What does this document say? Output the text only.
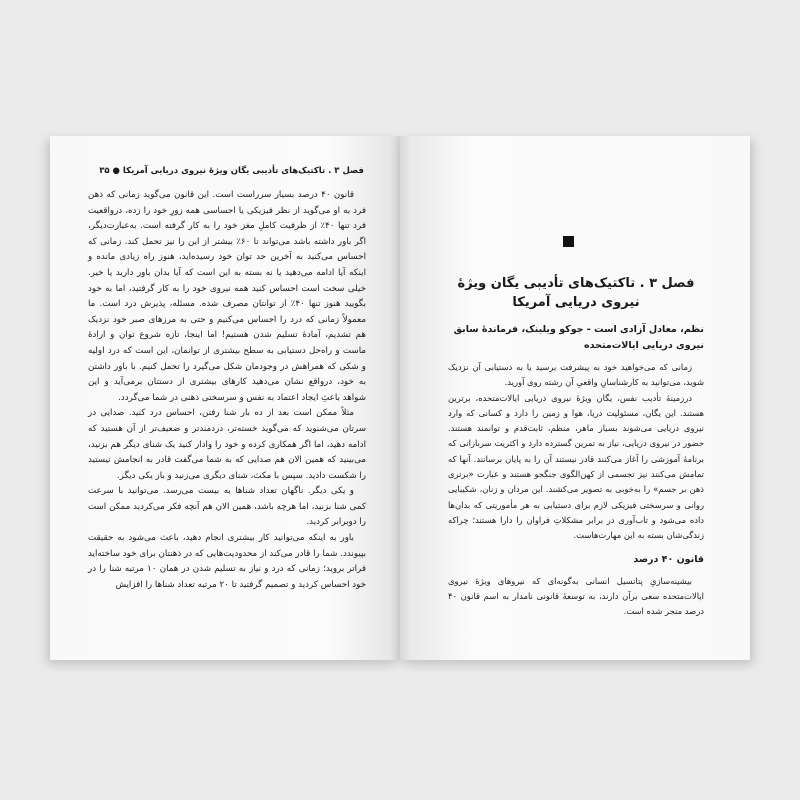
فصل ۳ . تاکتیک‌های تأدیبی یگان ویژهٔ نیروی دریایی آمریکا ● ۳۵

قانون ۴۰ درصد بسیار سرراست است. این قانون می‌گوید زمانی که ذهن فرد به او می‌گوید از نظر فیزیکی یا احساسی همه زورِ خود را زده، درواقعیت فرد تنها ۴۰٪ از ظرفیت کاملِ مغز خود را به کار گرفته است. به‌عبارت‌دیگر، اگر باور داشته باشد می‌تواند تا ۶۰٪ بیشتر از این را نیز تحمل کند. زمانی که احساس می‌کنید به آخرین حد توان خود رسیده‌اید، هنوز راه زیادی مانده و اینکه آیا ادامه می‌دهید یا نه بسته به این است که آیا بدان باور دارید یا خیر. خیلی سخت است احساس کنید همه نیروی خود را به کار گرفتید، اما به خود بگویید هنوز تنها ۴۰٪ از توانتان مصرف شده. مسئله، پذیرش درد است. ما معمولاً زمانی که درد را احساس می‌کنیم و حتی به مرزهای صبر خود نزدیک هم تشدیم، آمادهٔ تسلیم شدن هستیم! اما اینجا، تازه شروع توان و ارادهٔ ماست و راه‌حل دستیابی به سطح بیشتری از توانمان، این است که درد اولیه و شکی که همراهش در وجودمان شکل می‌گیرد را تحمل کنیم. با باور داشتن به خود، درواقع نشان می‌دهید کارهای بیشتری از دستتان برمی‌آید و این شواهد باعثِ ایجاد اعتماد به نفس و سرسختی ذهنی در شما می‌گردد.

مثلاً ممکن است بعد از ده بار شنا رفتن، احساس درد کنید. صدایی در سرتان می‌شنوید که می‌گوید خسته‌تر، دردمندتر و ضعیف‌تر از آن هستید که ادامه دهید، اما اگر همکاری کرده و خود را وادار کنید یک شنای دیگر هم بزنید، می‌بینید که همین الان هم صدایی که به شما می‌گفت قادر به انجامش نیستید را شکست دادید. سپس با مکث، شنای دیگری می‌زنید و باز یکی دیگر.

و یکی دیگر. ناگهان تعداد شناها به بیست می‌رسد. می‌توانید با سرعت کمی شنا بزنید، اما هرچه باشد، همین الان هم آنچه فکر می‌کردید ممکن است را دوبرابر کردید.

باور به اینکه می‌توانید کار بیشتری انجام دهید، باعث می‌شود به حقیقت بپیوندد. شما را قادر می‌کند از محدودیت‌هایی که در ذهنتان برای خود ساخته‌اید فراتر بروید؛ زمانی که درد و نیاز به تسلیم شدن در همان ۱۰ مرتبه شنا را در خود احساس کردید و تصمیم گرفتید تا ۲۰ مرتبه تعداد شناها را افزایش

فصل ۳ . تاکتیک‌های تأدیبی یگان ویژهٔ نیروی دریایی آمریکا
نظم، معادل آزادی است - جوکو ویلینک، فرماندهٔ سابق نیروی دریایی ایالات‌متحده

زمانی که می‌خواهید خود به پیشرفت برسید یا به دستیابی آن نزدیک شوید، می‌توانید به کارشناسانِ واقعیِ آن رشته روی آورید.

درزمینهٔ تأدیب نفس، یگان ویژهٔ نیروی دریایی ایالات‌متحده، برترین هستند. این یگان، مسئولیت دریا، هوا و زمین را دارد و کسانی که وارد نیروی دریایی می‌شوند بسیار ماهر، منظم، ثابت‌قدم و توانمند هستند. حضور در نیروی دریایی، نیاز به تمرین گسترده دارد و اکثریت سربازانی که برنامهٔ آموزشی را آغاز می‌کنند قادر نیستند آن را به پایان برسانند. آنها که تمامش می‌کنند نیز تجسمی از کهن‌الگوی جنگجو هستند و عبارت «برتری ذهن بر جسم» را به‌خوبی به تصویر می‌کشند. این مردان و زنان، شکیبایی روانی و سرسختی فیزیکی لازم برای دستیابی به هر مأموریتی که بدان‌ها داده می‌شود و تاب‌آوری در برابر مشکلاتِ فراوان را دارا هستند؛ چراکه زندگی‌شان بسته به این مهارت‌هاست.

قانون ۴۰ درصد

بیشینه‌سازیِ پتانسیل انسانی به‌گونه‌ای که نیروهای ویژهٔ نیروی ایالات‌متحده سعی برآن دارند، به توسعهٔ قانونی نامدار به اسم قانون ۴۰ درصد منجر شده است.
